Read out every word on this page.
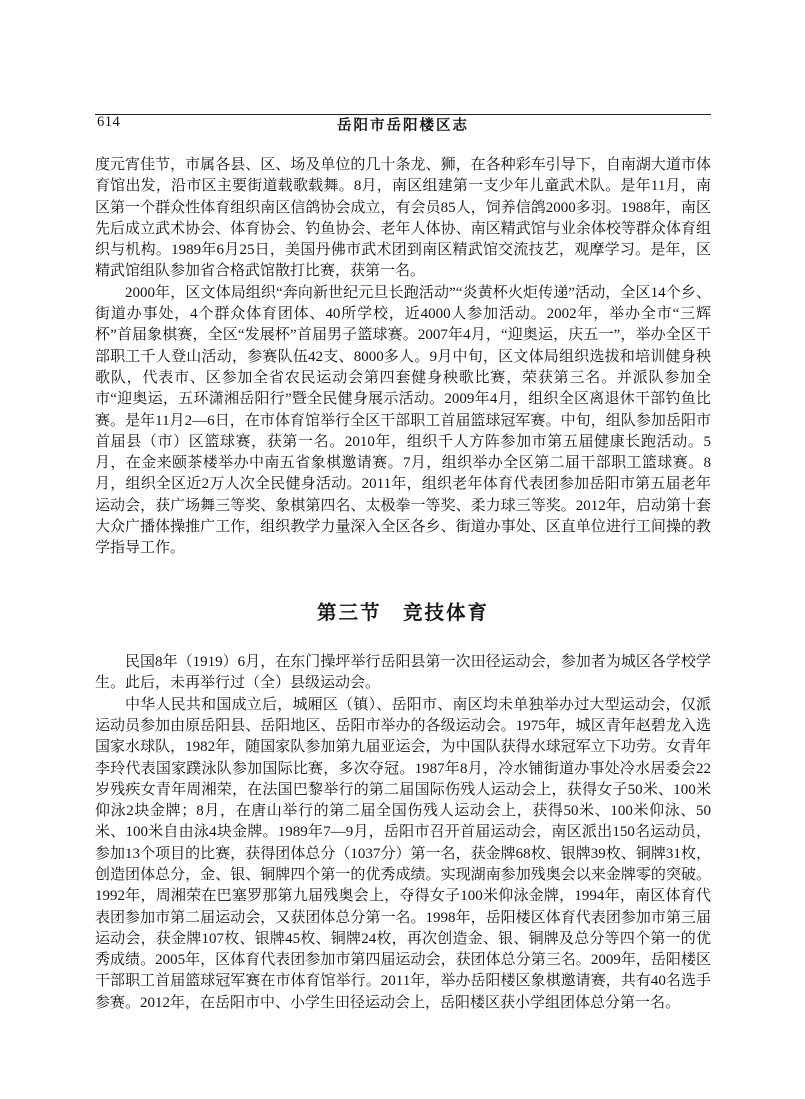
614	岳阳市岳阳楼区志

度元宵佳节，市属各县、区、场及单位的几十条龙、狮，在各种彩车引导下，自南湖大道市体育馆出发，沿市区主要街道载歌载舞。8月，南区组建第一支少年儿童武术队。是年11月，南区第一个群众性体育组织南区信鸽协会成立，有会员85人，饲养信鸽2000多羽。1988年，南区先后成立武术协会、体育协会、钓鱼协会、老年人体协、南区精武馆与业余体校等群众体育组织与机构。1989年6月25日，美国丹佛市武术团到南区精武馆交流技艺，观摩学习。是年，区精武馆组队参加省合格武馆散打比赛，获第一名。

2000年，区文体局组织“奔向新世纪元旦长跑活动”“炎黄杯火炬传递”活动，全区14个乡、街道办事处，4个群众体育团体、40所学校，近4000人参加活动。2002年，举办全市“三辉杯”首届象棋赛，全区“发展杯”首届男子篮球赛。2007年4月，“迎奥运，庆五一”，举办全区干部职工千人登山活动，参赛队伍42支、8000多人。9月中旬，区文体局组织选拔和培训健身秧歌队，代表市、区参加全省农民运动会第四套健身秧歌比赛，荣获第三名。并派队参加全市“迎奥运，五环潇湘岳阳行”暨全民健身展示活动。2009年4月，组织全区离退休干部钓鱼比赛。是年11月2—6日，在市体育馆举行全区干部职工首届篮球冠军赛。中旬，组队参加岳阳市首届县（市）区篮球赛，获第一名。2010年，组织千人方阵参加市第五届健康长跑活动。5月，在金来颐茶楼举办中南五省象棋邀请赛。7月，组织举办全区第二届干部职工篮球赛。8月，组织全区近2万人次全民健身活动。2011年，组织老年体育代表团参加岳阳市第五届老年运动会，获广场舞三等奖、象棋第四名、太极拳一等奖、柔力球三等奖。2012年，启动第十套大众广播体操推广工作，组织教学力量深入全区各乡、街道办事处、区直单位进行工间操的教学指导工作。

第三节　竞技体育

民国8年（1919）6月，在东门操坪举行岳阳县第一次田径运动会，参加者为城区各学校学生。此后，未再举行过（全）县级运动会。

中华人民共和国成立后，城厢区（镇）、岳阳市、南区均未单独举办过大型运动会，仅派运动员参加由原岳阳县、岳阳地区、岳阳市举办的各级运动会。1975年，城区青年赵碧龙入选国家水球队，1982年，随国家队参加第九届亚运会，为中国队获得水球冠军立下功劳。女青年李玲代表国家蹼泳队参加国际比赛，多次夺冠。1987年8月，冷水铺街道办事处冷水居委会22岁残疾女青年周湘荣，在法国巴黎举行的第二届国际伤残人运动会上，获得女子50米、100米仰泳2块金牌；8月，在唐山举行的第二届全国伤残人运动会上，获得50米、100米仰泳、50米、100米自由泳4块金牌。1989年7—9月，岳阳市召开首届运动会，南区派出150名运动员，参加13个项目的比赛，获得团体总分（1037分）第一名，获金牌68枚、银牌39枚、铜牌31枚，创造团体总分，金、银、铜牌四个第一的优秀成绩。实现湖南参加残奥会以来金牌零的突破。1992年，周湘荣在巴塞罗那第九届残奥会上，夺得女子100米仰泳金牌，1994年，南区体育代表团参加市第二届运动会，又获团体总分第一名。1998年，岳阳楼区体育代表团参加市第三届运动会，获金牌107枚、银牌45枚、铜牌24枚，再次创造金、银、铜牌及总分等四个第一的优秀成绩。2005年，区体育代表团参加市第四届运动会，获团体总分第三名。2009年，岳阳楼区干部职工首届篮球冠军赛在市体育馆举行。2011年，举办岳阳楼区象棋邀请赛，共有40名选手参赛。2012年，在岳阳市中、小学生田径运动会上，岳阳楼区获小学组团体总分第一名。
